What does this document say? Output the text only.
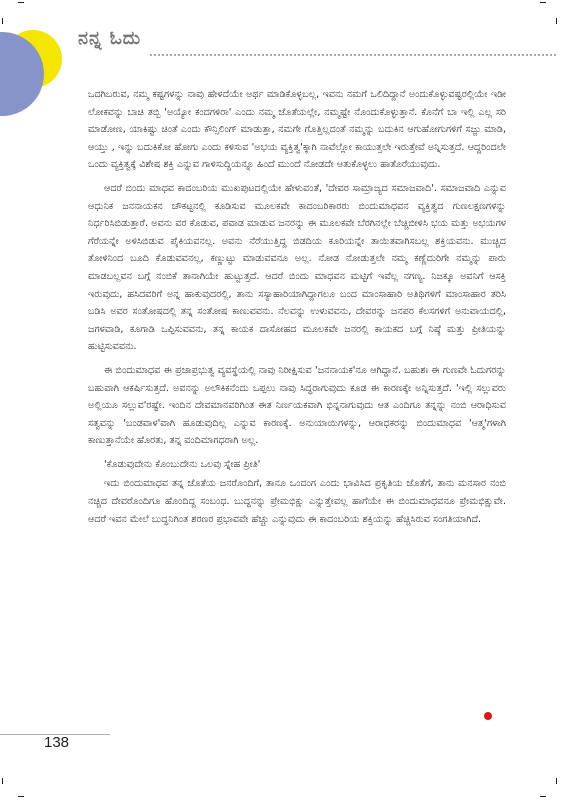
ನನ್ನ ಓದು

ಒದಗಿಬರುವ, ನಮ್ಮ ಕಷ್ಟಗಳನ್ನು ನಾವು ಹೇಳದೆಯೇ ಅರ್ಥ ಮಾಡಿಕೊಳ್ಳಬಲ್ಲ, ಇವನು ನಮಗೆ ಒಲಿದಿದ್ದಾನೆ ಅಂದುಕೊಳ್ಳುವಷ್ಟರಲ್ಲಿಯೇ ಇಡೀ ಲೋಕವನ್ನು ಬಾಚಿ ತಬ್ಬಿ 'ಅಯ್ಯೋ ಕಂದಗಳಿರಾ' ಎಂದು ನಮ್ಮ ಜೊತೆಯಲ್ಲೇ, ನಮ್ಮಷ್ಟೇ ನೊಂದುಕೊಳ್ಳುತ್ತಾನೆ. ಕೊನೆಗೆ ಬಾ ಇಲ್ಲಿ ಎಲ್ಲ ಸರಿ ಮಾಡೋಣ, ಯಾಕಿಷ್ಟು ಚಿಂತೆ ಎಂದು ಕೌನ್ಸಿಲಿಂಗ್ ಮಾಡುತ್ತಾ, ನಮಗೇ ಗೊತ್ತಿಲ್ಲದಂತೆ ನಮ್ಮನ್ನು ಬದುಕಿನ ಆಗುಹೋಗುಗಳಿಗೆ ಸಜ್ಜು ಮಾಡಿ, ಆಯ್ತು , ಇನ್ನು ಬದುಕಿಕೋ ಹೋಗು ಎಂದು ಕಳಿಸುವ 'ಅಭಯ ವ್ಯಕ್ತಿತ್ವ'ಕ್ಕಾಗಿ ನಾವೆಲ್ಲೋ ಕಾಯುತ್ತಲೇ ಇರುತ್ತೇವೆ ಅನ್ನಿಸುತ್ತದೆ. ಆದ್ದರಿಂದಲೇ ಒಂದು ವ್ಯಕ್ತಿತ್ವಕ್ಕೆ ವಿಶೇಷ ಶಕ್ತಿ ಎನ್ನುವ ಗಾಳಿಸುದ್ದಿಯನ್ನೂ ಹಿಂದೆ ಮುಂದೆ ನೋಡದೇ ಆತುಕೊಳ್ಳಲು ಹಾತೊರೆಯುವುದು.

ಆದರೆ ಬಿಂದು ಮಾಧವ ಕಾದಂಬರಿಯ ಮುಖಪುಟದಲ್ಲಿಯೇ ಹೇಳುವಂತೆ, 'ದೇವರ ಸಾಮ್ರಾಜ್ಯದ ಸಮಾಜವಾದಿ'. ಸಮಾಜವಾದಿ ಎನ್ನುವ ಆಧುನಿಕ ಜನನಾಯಕನ ಚೌಕಟ್ಟನಲ್ಲಿ ಕೂಡಿಸುವ ಮೂಲಕವೇ ಕಾದಂಬರಿಕಾರರು ಬಿಂದುಮಾಧವನ ವ್ಯಕ್ತಿತ್ವದ ಗುಣಲಕ್ಷಣಗಳನ್ನು ನಿರ್ಧರಿಸಿಬಿಡುತ್ತಾರೆ. ಅವನು ವರ ಕೊಡುವ, ಪವಾಡ ಮಾಡುವ ಜನರನ್ನು ಈ ಮೂಲಕವೇ ಬೆರಗಿನಲ್ಲೇ ಬೆಚ್ಚಿಬೀಳಿಸಿ ಭಯ ಮತ್ತು ಅಭಯಗಳ ಗೆರೆಯನ್ನೇ ಅಳಿಸಿಬಿಡುವ ಪೈಕಿಯವನಲ್ಲ. ಅವನು ನೆರೆಯುತ್ತಿದ್ದ ಬಿಡದಿಯ ಕೂರಿಯನ್ನೇ ತಾಯಿತವಾಗಿಸಬಲ್ಲ ಶಕ್ತಿಯವನು. ಮುಚ್ಚಿದ ತೋಳಿನಿಂದ ಬೂದಿ ಕೊಡುವವನಲ್ಲ, ಕಣ್ಣುಟ್ಟು ಮಾಡುವವನೂ ಅಲ್ಲ. ನೋಡ ನೋಡುತ್ತಲೇ ನಮ್ಮ ಕಣ್ಣೆದುರಿಗೇ ನಮ್ಮನ್ನು ಪಾರು ಮಾಡಬಲ್ಲವನ ಬಗ್ಗೆ ನಂಬಿಕೆ ತಾನಾಗಿಯೇ ಹುಟ್ಟುತ್ತದೆ. ಆದರೆ ಬಿಂದು ಮಾಧವನ ಮಟ್ಟಿಗೆ ಇವೆಲ್ಲ ನಗಣ್ಯ. ನಿಜಕ್ಕೂ ಅವನಿಗೆ ಆಸಕ್ತಿ ಇರುವುದು, ಹಸಿದವರಿಗೆ ಅನ್ನ ಹಾಕುವುದರಲ್ಲಿ, ತಾನು ಸಸ್ಯಾಹಾರಿಯಾಗಿದ್ದಾಗಲೂ ಬಂದ ಮಾಂಸಾಹಾರಿ ಅತಿಥಿಗಳಿಗೆ ಮಾಂಸಾಹಾರ ತರಿಸಿ ಬಡಿಸಿ ಅವರ ಸಂತೋಷದಲ್ಲಿ ತನ್ನ ಸಂತೋಷ ಕಾಣುವವನು. ನೆಲವನ್ನು ಉಳುವವನು, ದೇವರನ್ನು ಜನಪರ ಕೆಲಸಗಳಿಗೆ ಅನುವಾಯದಲ್ಲಿ, ಜಗಳವಾಡಿ, ಕೂಗಾಡಿ ಒಪ್ಪಿಸುವವನು, ತನ್ನ ಕಾಯಕ ದಾಸೋಹದ ಮೂಲಕವೇ ಜನರಲ್ಲಿ ಕಾಯಕದ ಬಗ್ಗೆ ನಿಷ್ಠೆ ಮತ್ತು ಪ್ರೀತಿಯನ್ನು ಹುಟ್ಟಿಸುವವನು.

ಈ ಬಿಂದುಮಾಧವ ಈ ಪ್ರಜಾಪ್ರಭುತ್ವ ವ್ಯವಸ್ಥೆಯಲ್ಲಿ ನಾವು ನಿರೀಕ್ಷಿಸುವ 'ಜನನಾಯಕ'ನೂ ಆಗಿದ್ದಾನೆ. ಬಹುಶಃ ಈ ಗುಣವೇ ಓದುಗರನ್ನು ಬಹುವಾಗಿ ಆಕರ್ಷಿಸುತ್ತದೆ. ಅವನನ್ನು ಅಲೌಕಿಕನೆಂದು ಒಪ್ಪಲು ನಾವು ಸಿದ್ಧರಾಗುವುದು ಕೂಡ ಈ ಕಾರಣಕ್ಕೇ ಅನ್ನಿಸುತ್ತದೆ. 'ಇಲ್ಲಿ ಸಲ್ಲುವರು ಅಲ್ಲಿಯೂ ಸಲ್ಲುವ'ರಷ್ಟೇ. ಇಂದಿನ ದೇವಮಾನವರಿಗಿಂತ ಈತ ನಿರ್ಣಯಕವಾಗಿ ಭಿನ್ನನಾಗುವುದು ಆತ ಎಂದಿಗೂ ತನ್ನನ್ನು ನಂಬಿ ಆರಾಧಿಸುವ ಸತ್ವವನ್ನು 'ಬಂಡವಾಳ'ವಾಗಿ ಹೂಡುವುದಿಲ್ಲ ಎನ್ನುವ ಕಾರಣಕ್ಕೆ. ಅನುಯಾಯಿಗಳನ್ನು, ಆರಾಧಕರನ್ನು ಬಿಂದುಮಾಧವ 'ಆತ್ಮ'ಗಳಾಗಿ ಕಾಣುತ್ತಾನೆಯೇ ಹೊರತು, ತನ್ನ ವಂದಿಮಾಗಧರಾಗಿ ಅಲ್ಲ.

'ಕೊಡುವುದೇನು ಕೊಂಬುದೇನು ಒಲವು ಸ್ನೇಹ ಪ್ರೀತಿ'

ಇದು ಬಿಂದುಮಾಧವ ತನ್ನ ಜೊತೆಯ ಜನರೊಂದಿಗೆ, ತಾನೂ ಒಂದಂಗ ಎಂದು ಭಾವಿಸಿದ ಪ್ರಕೃತಿಯ ಜೊತೆಗೆ, ತಾನು ಮನಸಾರ ನಂಬಿ ನಚ್ಚಿದ ದೇವರೊಂದಿಗೂ ಹೊಂದಿದ್ದ ಸಂಬಂಧ. ಬುದ್ಧನನ್ನು ಪ್ರೇಮಭಿಕ್ಷು ಎನ್ನುತ್ತೇವಲ್ಲ ಹಾಗೆಯೇ ಈ ಬಿಂದುಮಾಧವನೂ ಪ್ರೇಮಭಿಕ್ಷುವೇ. ಆದರೆ ಇವನ ಮೇಲೆ ಬುದ್ಧನಿಗಿಂತ ಶರಣರ ಪ್ರಭಾವವೇ ಹೆಚ್ಚು ಎನ್ನುವುದು ಈ ಕಾದಂಬರಿಯ ಶಕ್ತಿಯನ್ನು ಹೆಚ್ಚಿಸಿರುವ ಸಂಗತಿಯಾಗಿದೆ.

138
